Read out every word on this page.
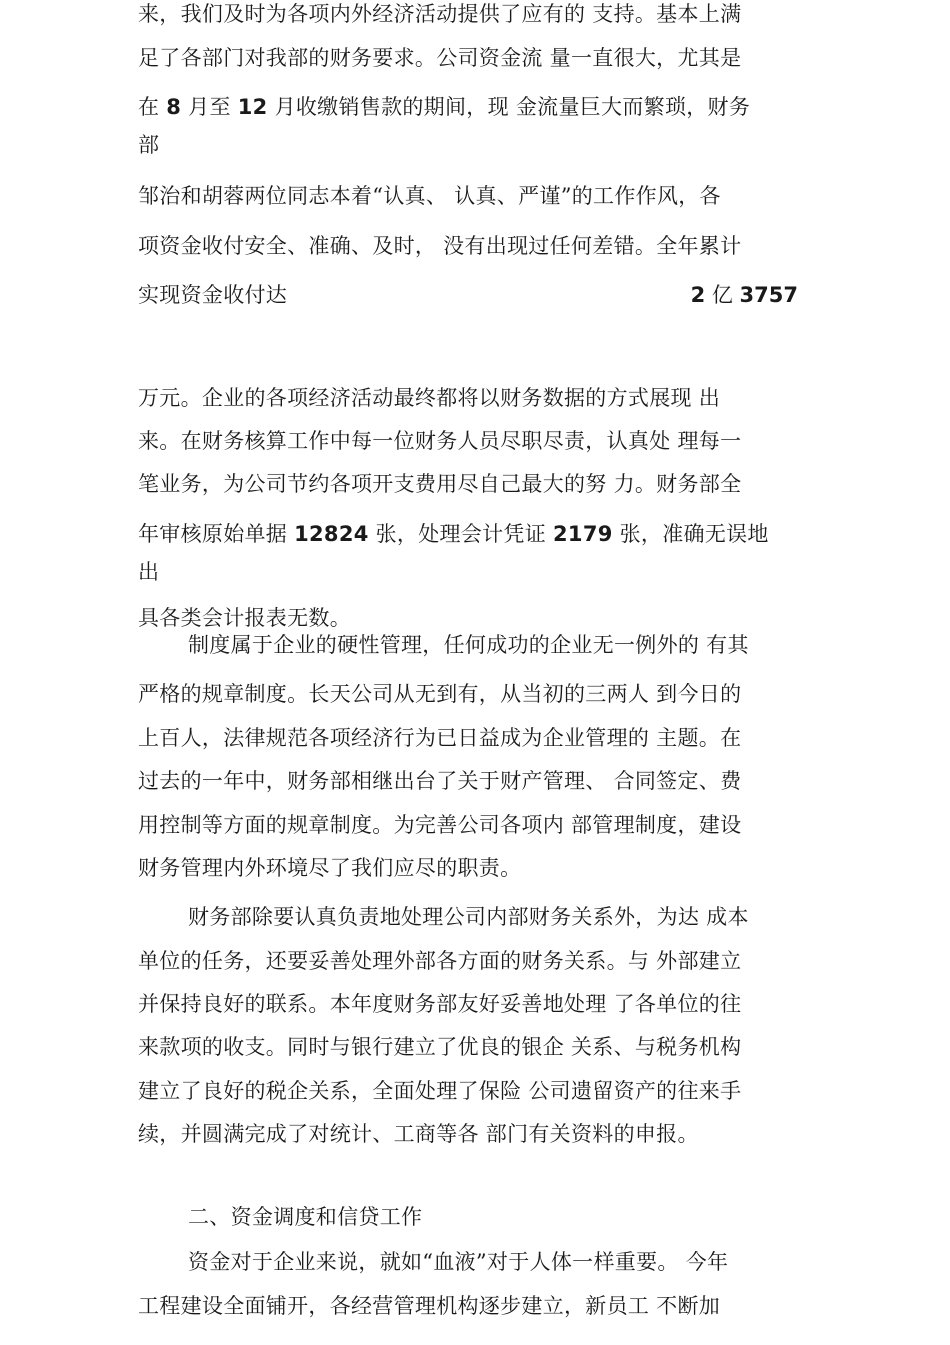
来，我们及时为各项内外经济活动提供了应有的 支持。基本上满
足了各部门对我部的财务要求。公司资金流 量一直很大，尤其是
在 8 月至 12 月收缴销售款的期间，现 金流量巨大而繁琐，财务
部
邹治和胡蓉两位同志本着“认真、 认真、严谨”的工作作风，各
项资金收付安全、准确、及时， 没有出现过任何差错。全年累计
实现资金收付达	2 亿 3757
万元。企业的各项经济活动最终都将以财务数据的方式展现 出
来。在财务核算工作中每一位财务人员尽职尽责，认真处 理每一
笔业务，为公司节约各项开支费用尽自己最大的努 力。财务部全
年审核原始单据 12824 张，处理会计凭证 2179 张，准确无误地
出
具各类会计报表无数。
制度属于企业的硬性管理，任何成功的企业无一例外的 有其
严格的规章制度。长天公司从无到有，从当初的三两人 到今日的
上百人，法律规范各项经济行为已日益成为企业管理的 主题。在
过去的一年中，财务部相继出台了关于财产管理、 合同签定、费
用控制等方面的规章制度。为完善公司各项内 部管理制度，建设
财务管理内外环境尽了我们应尽的职责。
财务部除要认真负责地处理公司内部财务关系外，为达 成本
单位的任务，还要妥善处理外部各方面的财务关系。与 外部建立
并保持良好的联系。本年度财务部友好妥善地处理 了各单位的往
来款项的收支。同时与银行建立了优良的银企 关系、与税务机构
建立了良好的税企关系，全面处理了保险 公司遗留资产的往来手
续，并圆满完成了对统计、工商等各 部门有关资料的申报。
二、资金调度和信贷工作
资金对于企业来说，就如“血液”对于人体一样重要。 今年
工程建设全面铺开，各经营管理机构逐步建立，新员工 不断加
